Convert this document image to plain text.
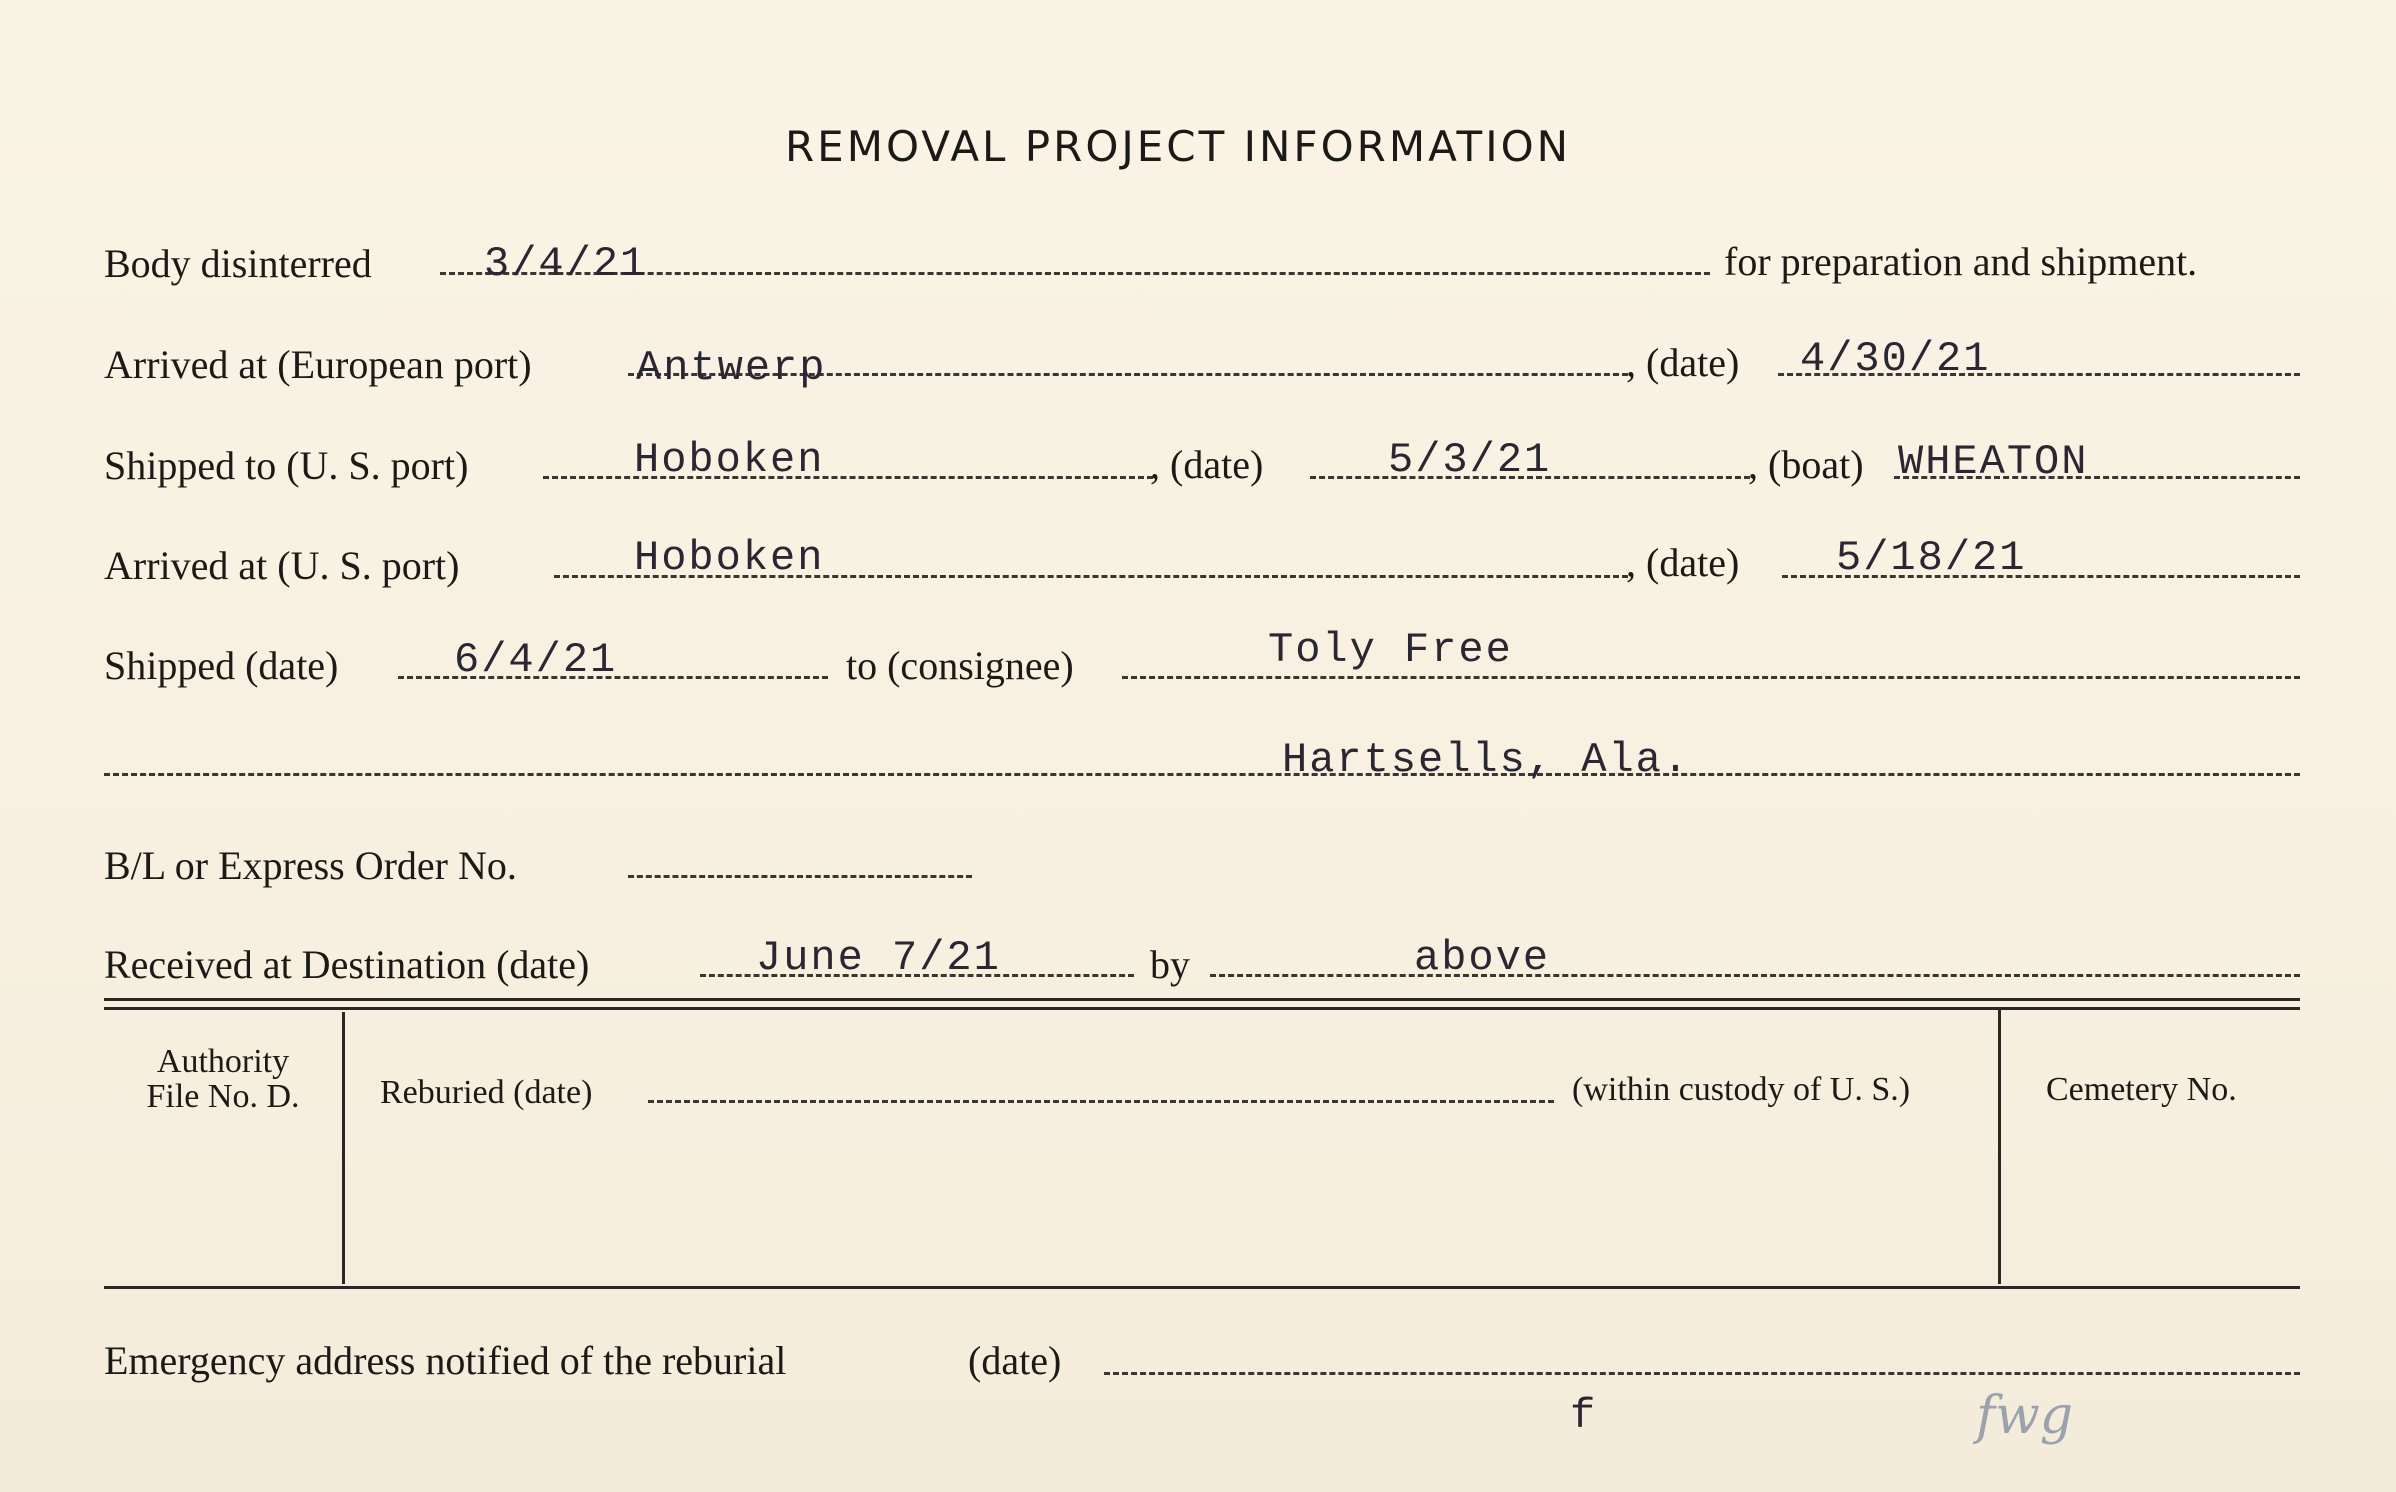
REMOVAL PROJECT INFORMATION
Body disinterred	3/4/21	for preparation and shipment.
Arrived at (European port) Antwerp	, (date) 4/30/21
Shipped to (U. S. port)	Hoboken	, (date)	5/3/21	, (boat) WHEATON
Arrived at (U. S. port)	Hoboken	, (date) 5/18/21
Shipped (date)	6/4/21	to (consignee)	Toly Free
Hartsells, Ala.
B/L or Express Order No.
Received at Destination (date)	June 7/21	by	above
Authority
File No. D.	Reburied (date)	(within custody of U. S.)	Cemetery No.
Emergency address notified of the reburial	(date)
f	fwg
